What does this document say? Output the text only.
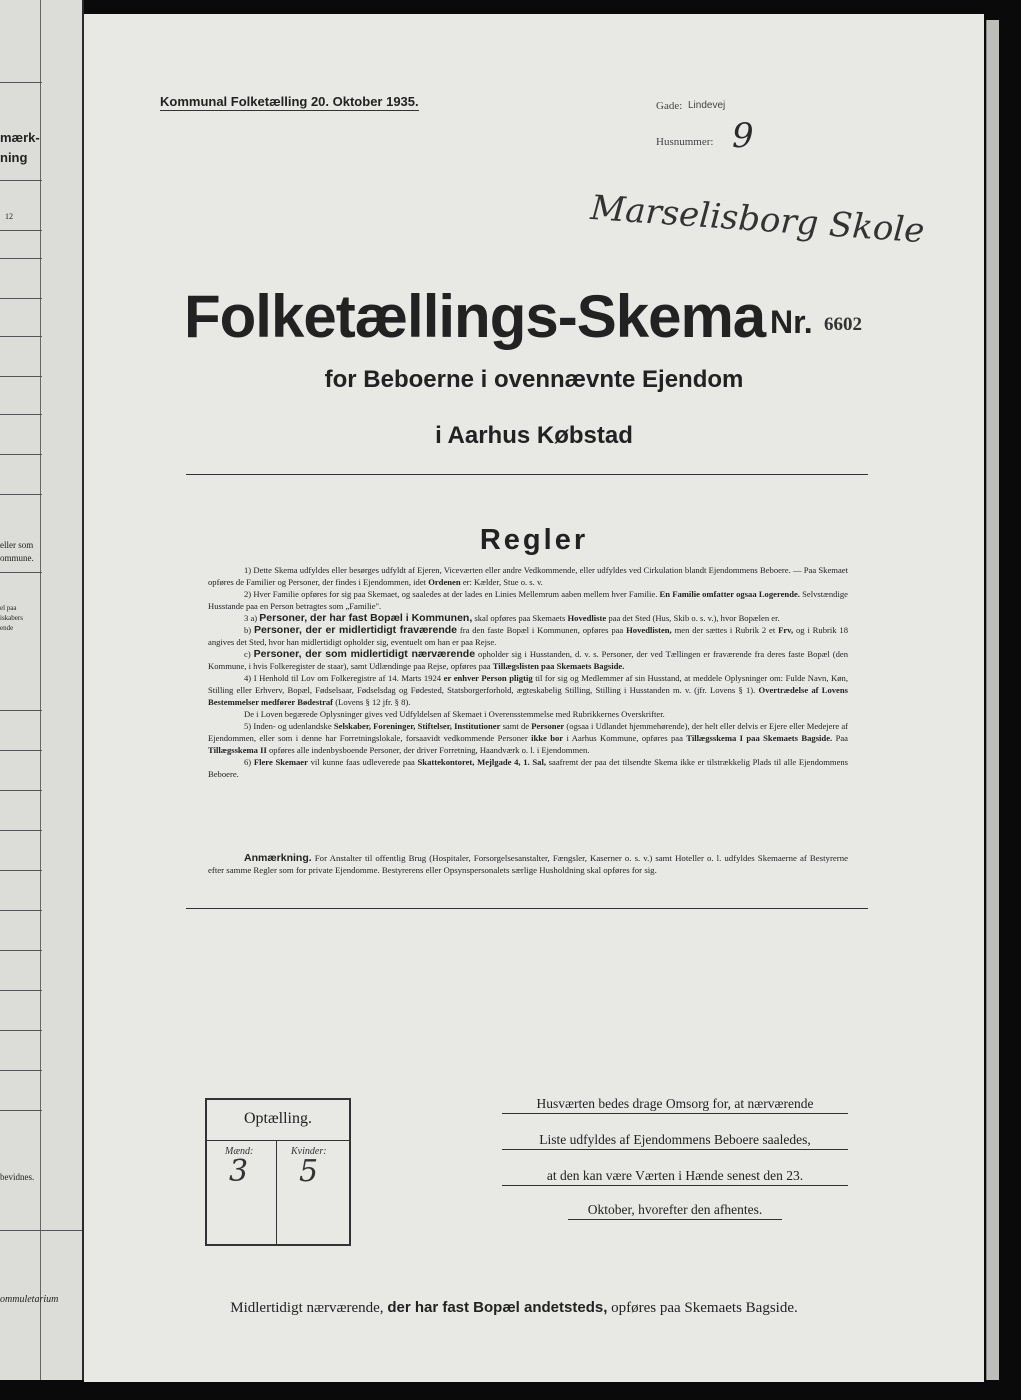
mærk-
ning
12
eller som
ommune.
el paa
iskabers
ende
bevidnes.
ommuletarium
Kommunal Folketælling 20. Oktober 1935.	Gade: Lindevej
Husnummer: 9
Marselisborg Skole
Folketællings-Skema Nr. 6602
for Beboerne i ovennævnte Ejendom
i Aarhus Købstad
Regler

1) Dette Skema udfyldes eller besørges udfyldt af Ejeren, Viceværten eller andre Vedkommende, eller udfyldes ved Cirkulation blandt Ejendommens Beboere. — Paa Skemaet opføres de Familier og Personer, der findes i Ejendommen, idet Ordenen er: Kælder, Stue o. s. v.

2) Hver Familie opføres for sig paa Skemaet, og saaledes at der lades en Linies Mellemrum aaben mellem hver Familie. En Familie omfatter ogsaa Logerende. Selvstændige Husstande paa en Person betragtes som „Familie".

3 a) Personer, der har fast Bopæl i Kommunen, skal opføres paa Skemaets Hovedliste paa det Sted (Hus, Skib o. s. v.), hvor Bopælen er.

b) Personer, der er midlertidigt fraværende fra den faste Bopæl i Kommunen, opføres paa Hovedlisten, men der sættes i Rubrik 2 et Frv, og i Rubrik 18 angives det Sted, hvor han midlertidigt opholder sig, eventuelt om han er paa Rejse.

c) Personer, der som midlertidigt nærværende opholder sig i Husstanden, d. v. s. Personer, der ved Tællingen er fraværende fra deres faste Bopæl (den Kommune, i hvis Folkeregister de staar), samt Udlændinge paa Rejse, opføres paa Tillægslisten paa Skemaets Bagside.

4) I Henhold til Lov om Folkeregistre af 14. Marts 1924 er enhver Person pligtig til for sig og Medlemmer af sin Husstand, at meddele Oplysninger om: Fulde Navn, Køn, Stilling eller Erhverv, Bopæl, Fødselsaar, Fødselsdag og Fødested, Statsborgerforhold, ægteskabelig Stilling, Stilling i Husstanden m. v. (jfr. Lovens § 1). Overtrædelse af Lovens Bestemmelser medfører Bødestraf (Lovens § 12 jfr. § 8).

De i Loven begærede Oplysninger gives ved Udfyldelsen af Skemaet i Overensstemmelse med Rubrikkernes Overskrifter.

5) Inden- og udenlandske Selskaber, Foreninger, Stiftelser, Institutioner samt de Personer (ogsaa i Udlandet hjemmehørende), der helt eller delvis er Ejere eller Medejere af Ejendommen, eller som i denne har Forretningslokale, forsaavidt vedkommende Personer ikke bor i Aarhus Kommune, opføres paa Tillægsskema I paa Skemaets Bagside. Paa Tillægsskema II opføres alle indenbysboende Personer, der driver Forretning, Haandværk o. l. i Ejendommen.

6) Flere Skemaer vil kunne faas udleverede paa Skattekontoret, Mejlgade 4, 1. Sal, saafremt der paa det tilsendte Skema ikke er tilstrækkelig Plads til alle Ejendommens Beboere.

Anmærkning. For Anstalter til offentlig Brug (Hospitaler, Forsorgelsesanstalter, Fængsler, Kaserner o. s. v.) samt Hoteller o. l. udfyldes Skemaerne af Bestyrerne efter samme Regler som for private Ejendomme. Bestyrerens eller Opsynspersonalets særlige Husholdning skal opføres for sig.
Optælling.
Mænd:
3
Kvinder:
5
Husværten bedes drage Omsorg for, at nærværende
Liste udfyldes af Ejendommens Beboere saaledes,
at den kan være Værten i Hænde senest den 23.
Oktober, hvorefter den afhentes.
Midlertidigt nærværende, der har fast Bopæl andetsteds, opføres paa Skemaets Bagside.
